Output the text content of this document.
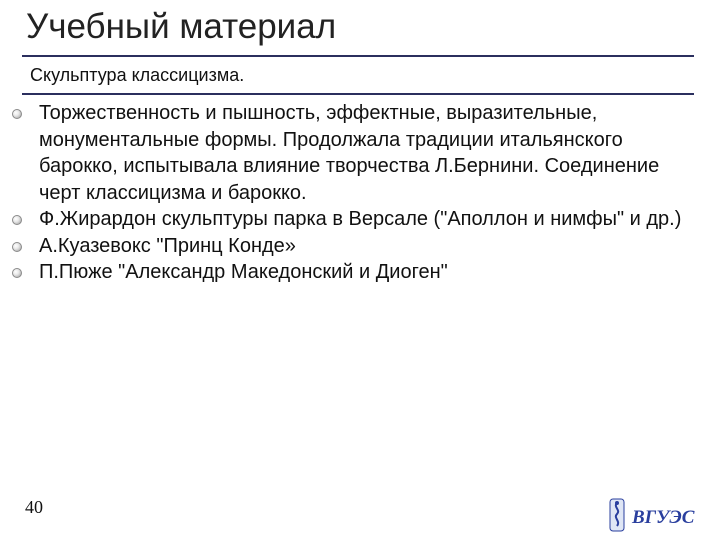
Учебный материал
Скульптура классицизма.
Торжественность и пышность, эффектные, выразительные, монументальные формы. Продолжала традиции итальянского барокко, испытывала влияние творчества Л.Бернини. Соединение черт классицизма и барокко.
Ф.Жирардон скульптуры парка в Версале ("Аполлон и нимфы" и др.)
А.Куазевокс "Принц Конде»
П.Пюже "Александр Македонский и Диоген"
40	ВГУЭС
